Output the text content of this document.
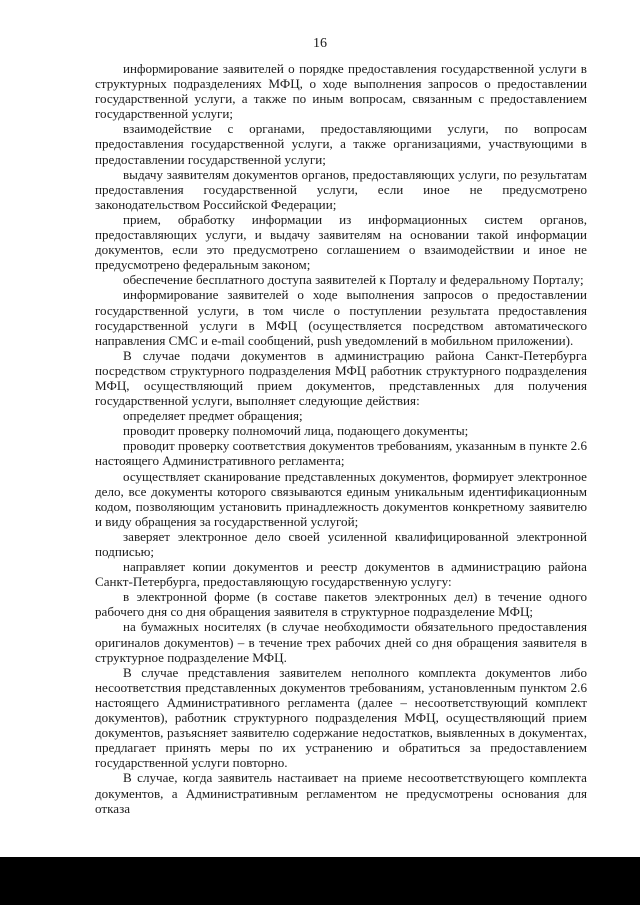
16

информирование заявителей о порядке предоставления государственной услуги в структурных подразделениях МФЦ, о ходе выполнения запросов о предоставлении государственной услуги, а также по иным вопросам, связанным с предоставлением государственной услуги;

взаимодействие с органами, предоставляющими услуги, по вопросам предоставления государственной услуги, а также организациями, участвующими в предоставлении государственной услуги;

выдачу заявителям документов органов, предоставляющих услуги, по результатам предоставления государственной услуги, если иное не предусмотрено законодательством Российской Федерации;

прием, обработку информации из информационных систем органов, предоставляющих услуги, и выдачу заявителям на основании такой информации документов, если это предусмотрено соглашением о взаимодействии и иное не предусмотрено федеральным законом;

обеспечение бесплатного доступа заявителей к Порталу и федеральному Порталу;

информирование заявителей о ходе выполнения запросов о предоставлении государственной услуги, в том числе о поступлении результата предоставления государственной услуги в МФЦ (осуществляется посредством автоматического направления СМС и e-mail сообщений, push уведомлений в мобильном приложении).

В случае подачи документов в администрацию района Санкт-Петербурга посредством структурного подразделения МФЦ работник структурного подразделения МФЦ, осуществляющий прием документов, представленных для получения государственной услуги, выполняет следующие действия:

определяет предмет обращения;

проводит проверку полномочий лица, подающего документы;

проводит проверку соответствия документов требованиям, указанным в пункте 2.6 настоящего Административного регламента;

осуществляет сканирование представленных документов, формирует электронное дело, все документы которого связываются единым уникальным идентификационным кодом, позволяющим установить принадлежность документов конкретному заявителю и виду обращения за государственной услугой;

заверяет электронное дело своей усиленной квалифицированной электронной подписью;

направляет копии документов и реестр документов в администрацию района Санкт-Петербурга, предоставляющую государственную услугу:

в электронной форме (в составе пакетов электронных дел) в течение одного рабочего дня со дня обращения заявителя в структурное подразделение МФЦ;

на бумажных носителях (в случае необходимости обязательного предоставления оригиналов документов) – в течение трех рабочих дней со дня обращения заявителя в структурное подразделение МФЦ.

В случае представления заявителем неполного комплекта документов либо несоответствия представленных документов требованиям, установленным пунктом 2.6 настоящего Административного регламента (далее – несоответствующий комплект документов), работник структурного подразделения МФЦ, осуществляющий прием документов, разъясняет заявителю содержание недостатков, выявленных в документах, предлагает принять меры по их устранению и обратиться за предоставлением государственной услуги повторно.

В случае, когда заявитель настаивает на приеме несоответствующего комплекта документов, а Административным регламентом не предусмотрены основания для отказа
